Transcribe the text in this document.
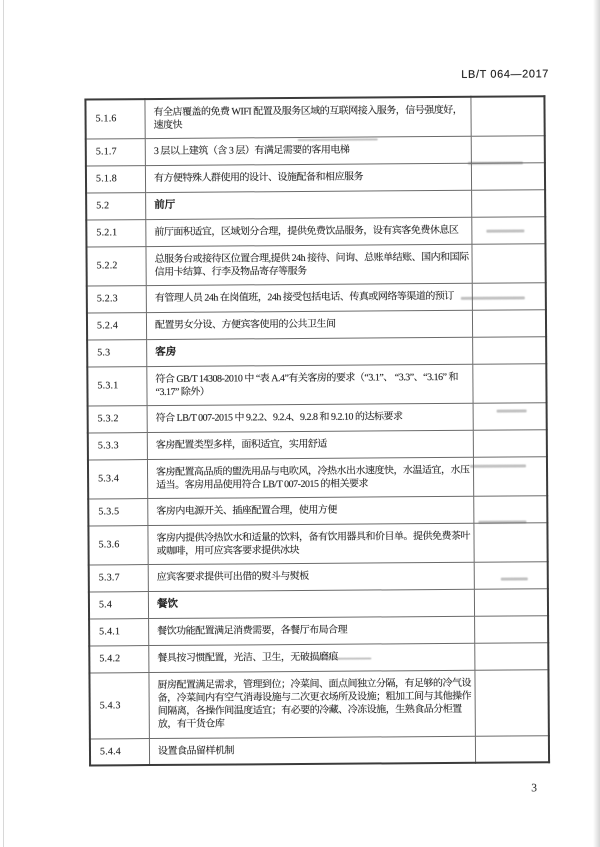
LB/T 064—2017
5.1.6	有全店覆盖的免费 WIFI 配置及服务区域的互联网接入服务，信号强度好，速度快	
5.1.7	3 层以上建筑（含 3 层）有满足需要的客用电梯	
5.1.8	有方便特殊人群使用的设计、设施配备和相应服务	
5.2	前厅	
5.2.1	前厅面积适宜，区域划分合理，提供免费饮品服务，设有宾客免费休息区	
5.2.2	总服务台或接待区位置合理,提供 24h 接待、问询、总账单结账、国内和国际信用卡结算、行李及物品寄存等服务	
5.2.3	有管理人员 24h 在岗值班，24h 接受包括电话、传真或网络等渠道的预订	
5.2.4	配置男女分设、方便宾客使用的公共卫生间	
5.3	客房	
5.3.1	符合 GB/T 14308-2010 中 “表 A.4”有关客房的要求（“3.1”、 “3.3”、“3.16” 和 “3.17” 除外）	
5.3.2	符合 LB/T 007-2015 中 9.2.2、9.2.4、9.2.8 和 9.2.10 的达标要求	
5.3.3	客房配置类型多样，面积适宜，实用舒适	
5.3.4	客房配置高品质的盥洗用品与电吹风，冷热水出水速度快，水温适宜，水压适当。客房用品使用符合 LB/T 007-2015 的相关要求	
5.3.5	客房内电源开关、插座配置合理，使用方便	
5.3.6	客房内提供冷热饮水和适量的饮料，备有饮用器具和价目单。提供免费茶叶或咖啡，用可应宾客要求提供冰块	
5.3.7	应宾客要求提供可出借的熨斗与熨板	
5.4	餐饮	
5.4.1	餐饮功能配置满足消费需要，各餐厅布局合理	
5.4.2	餐具按习惯配置，光洁、卫生，无破损磨痕	
5.4.3	厨房配置满足需求，管理到位；冷菜间、面点间独立分隔，有足够的冷气设备，冷菜间内有空气消毒设施与二次更衣场所及设施；粗加工间与其他操作间隔离，各操作间温度适宜；有必要的冷藏、冷冻设施，生熟食品分柜置放，有干货仓库	
5.4.4	设置食品留样机制	
3
